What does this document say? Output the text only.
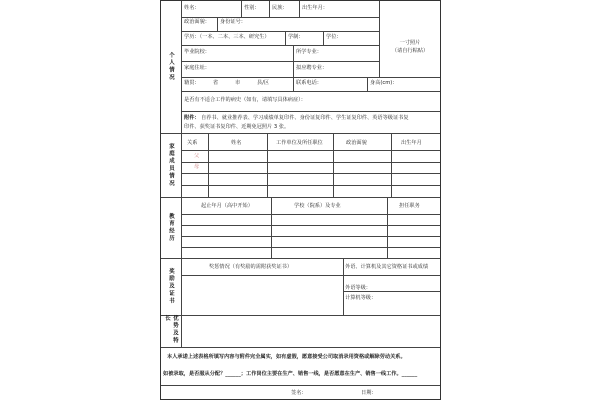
个人情况
家庭成员情况
教育经历
奖励及证书
优势及特长
姓名：	性别： 民族：	出生年月：
政治面貌： 身份证号：
学历：（一本、二本、三本、研究生）	学制：	学位：
毕业院校：	所学专业：
家庭住址：	拟应聘专业：
籍贯：	省	市	县/区	联系电话：	身高(cm)：
是否有不适合工作的病史（如有，请填写具体病症）：
附件： 自荐书、就业推荐表、学习成绩单复印件、身份证复印件、学生证复印件、英语等级证书复
印件、获奖证书复印件、近期免冠照片 3 张。
一寸照片
（请自行粘贴）
关系	姓名	工作单位及所任职位	政治面貌	出生年月
父
母
起止年月（高中开始）	学校（院系）及专业	担任职务
奖惩情况（有奖励的需附获奖证书）	外语、计算机及其它资格证书或成绩
外语等级：
计算机等级：
本人承诺上述表格所填写内容与附件完全属实，如有虚假，愿意接受公司取消录用资格或解除劳动关系。
如被录取，是否服从分配？______；工作岗位主要在生产、销售一线，是否愿意在生产、销售一线工作。______
签名：	日期：
